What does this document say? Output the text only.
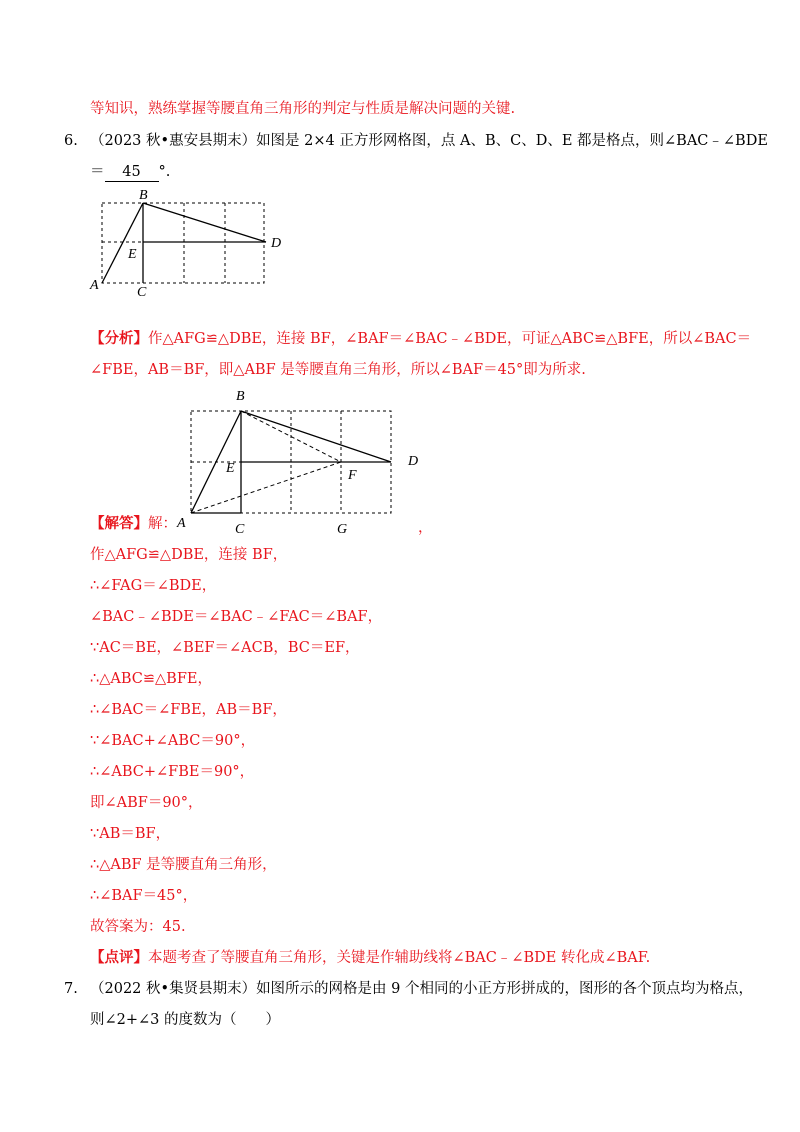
等知识，熟练掌握等腰直角三角形的判定与性质是解决问题的关键.
6. （2023 秋•惠安县期末）如图是 2×4 正方形网格图，点 A、B、C、D、E 都是格点，则∠BAC﹣∠BDE
＝ 45 °.
B
D
E
A	C
【分析】作△AFG≌△DBE，连接 BF，∠BAF＝∠BAC﹣∠BDE，可证△ABC≌△BFE，所以∠BAC＝
∠FBE，AB＝BF，即△ABF 是等腰直角三角形，所以∠BAF＝45°即为所求.
B
D
E	F
A	C	G
【解答】解：	，
作△AFG≌△DBE，连接 BF，
∴∠FAG＝∠BDE，
∠BAC﹣∠BDE＝∠BAC﹣∠FAC＝∠BAF，
∵AC＝BE，∠BEF＝∠ACB，BC＝EF，
∴△ABC≌△BFE，
∴∠BAC＝∠FBE，AB＝BF，
∵∠BAC+∠ABC＝90°，
∴∠ABC+∠FBE＝90°，
即∠ABF＝90°，
∵AB＝BF，
∴△ABF 是等腰直角三角形，
∴∠BAF＝45°，
故答案为：45.
【点评】本题考查了等腰直角三角形，关键是作辅助线将∠BAC﹣∠BDE 转化成∠BAF.
7. （2022 秋•集贤县期末）如图所示的网格是由 9 个相同的小正方形拼成的，图形的各个顶点均为格点，
则∠2+∠3 的度数为（　　）
